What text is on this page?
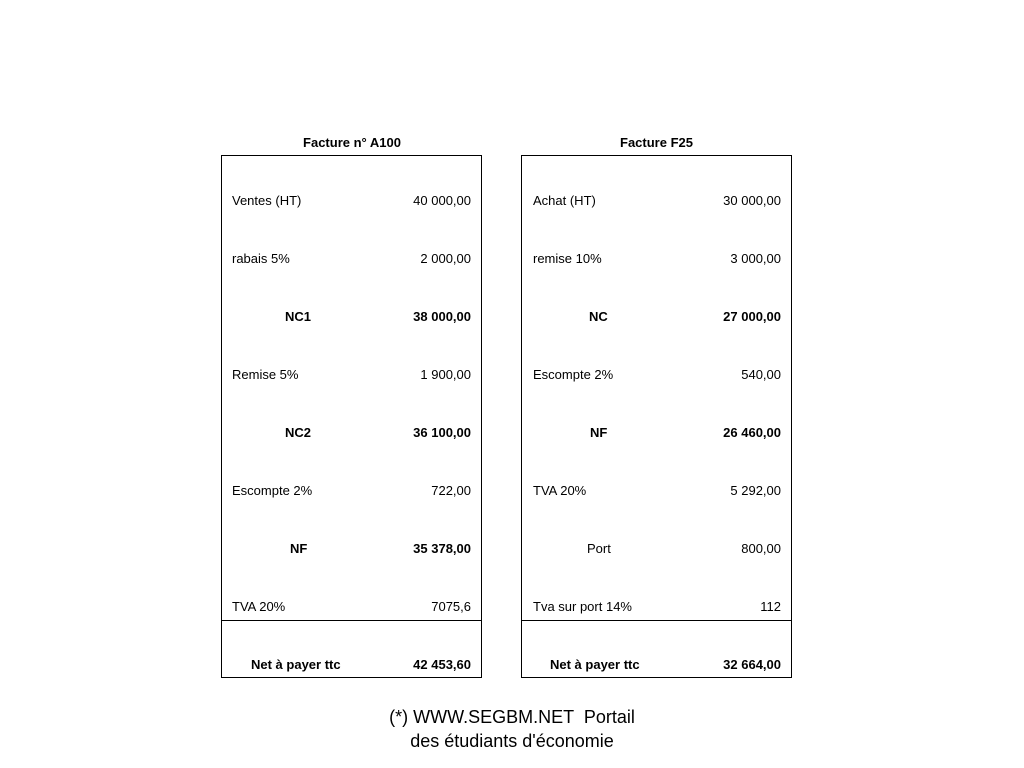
Facture n° A100
Ventes (HT)	40 000,00
rabais 5%	2 000,00
NC1	38 000,00
Remise 5%	1 900,00
NC2	36 100,00
Escompte 2%	722,00
NF	35 378,00
TVA 20%	7075,6
Net à payer ttc	42 453,60
Facture F25
Achat (HT)	30 000,00
remise 10%	3 000,00
NC	27 000,00
Escompte 2%	540,00
NF	26 460,00
TVA 20%	5 292,00
Port	800,00
Tva sur port 14%	112
Net à payer ttc	32 664,00
(*) WWW.SEGBM.NET  Portail
des étudiants d'économie
